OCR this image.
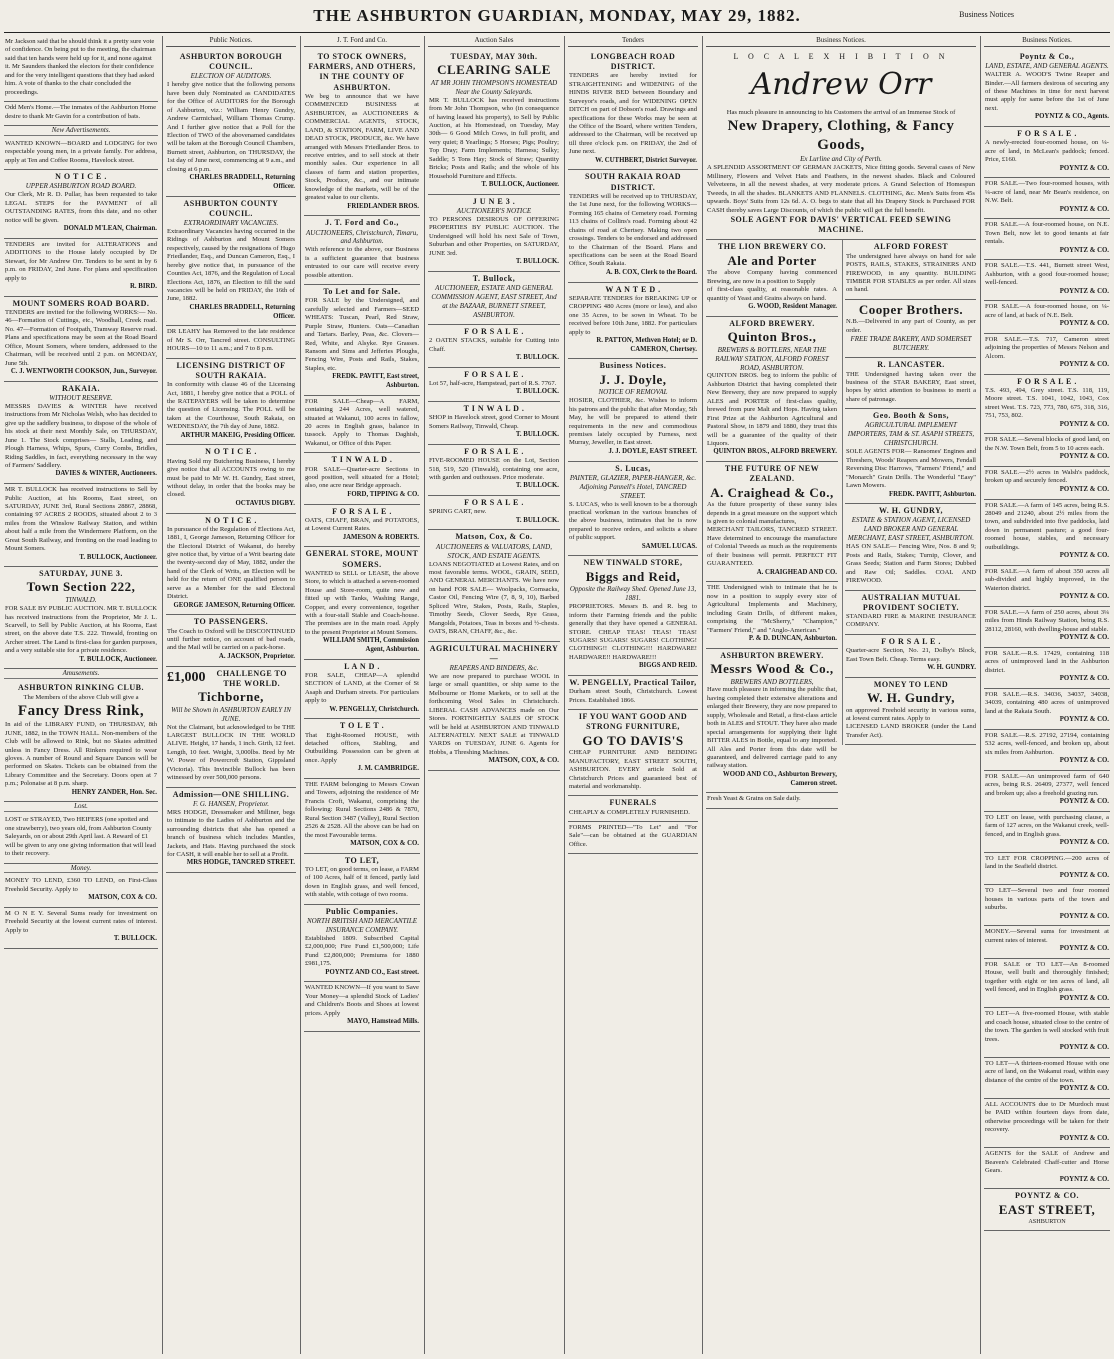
THE ASHBURTON GUARDIAN, MONDAY, MAY 29, 1882.	Business Notices
Mr Jackson said that he should think it a pretty sure vote of confidence. On being put to the meeting, the chairman said that ten hands were held up for it, and none against it. Mr Saunders thanked the electors for their confidence and for the very intelligent questions that they had asked him. A vote of thanks to the chair concluded the proceedings.
Odd Men's Home.—The inmates of the Ashburton Home desire to thank Mr Gavin for a contribution of bats.
New Advertisements.
WANTED KNOWN—BOARD and LODGING for two respectable young men, in a private family. For address, apply at Ten and Coffee Rooms, Havelock street.
N O T I C E .
UPPER ASHBURTON ROAD BOARD.
Our Clerk, Mr R. D. Pullar, has been requested to take LEGAL STEPS for the PAYMENT of all OUTSTANDING RATES, from this date, and no other notice will be given.
DONALD M'LEAN, Chairman.
TENDERS are invited for ALTERATIONS and ADDITIONS to the House lately occupied by Dr Stewart, for Mr Andrew Orr. Tenders to be sent in by 6 p.m. on FRIDAY, 2nd June. For plans and specification apply to
R. BIRD.
MOUNT SOMERS ROAD BOARD.
TENDERS are invited for the following WORKS:— No. 46—Formation of Cuttings, etc., Woodhall, Creek road. No. 47—Formation of Footpath, Tramway Reserve road. Plans and specifications may be seen at the Road Board Office, Mount Somers, where tenders, addressed to the Chairman, will be received until 2 p.m. on MONDAY, June 5th.
C. J. WENTWORTH COOKSON, Jun., Surveyor.
RAKAIA.
WITHOUT RESERVE.
MESSRS DAVIES & WINTER have received instructions from Mr Nicholas Welsh, who has decided to give up the saddlery business, to dispose of the whole of his stock at their next Monthly Sale, on THURSDAY, June 1. The Stock comprises— Stalls, Leading, and Plough Harness, Whips, Spurs, Curry Combs, Bridles, Riding Saddles, in fact, everything necessary in the way of Farmers' Saddlery.
DAVIES & WINTER, Auctioneers.
MR T. BULLOCK has received instructions to Sell by Public Auction, at his Rooms, East street, on SATURDAY, JUNE 3rd, Rural Sections 28867, 28868, containing 97 ACRES 2 ROODS, situated about 2 to 3 miles from the Winslow Railway Station, and within about half a mile from the Windermere Platform, on the Great South Railway, and fronting on the road leading to Mount Somers.
T. BULLOCK, Auctioneer.
SATURDAY, JUNE 3.
Town Section 222,
TINWALD.
FOR SALE BY PUBLIC AUCTION. MR T. BULLOCK has received instructions from the Proprietor, Mr J. L. Scarvell, to Sell by Public Auction, at his Rooms, East street, on the above date T.S. 222. Tinwald, fronting on Archer street. The Land is first-class for garden purposes, and a very suitable site for a private residence.
T. BULLOCK, Auctioneer.
Amusements.
ASHBURTON RINKING CLUB.
The Members of the above Club will give a
Fancy Dress Rink,
In aid of the LIBRARY FUND, on THURSDAY, 8th JUNE, 1882, in the TOWN HALL. Non-members of the Club will be allowed to Rink, but no Skates admitted unless in Fancy Dress. All Rinkers required to wear gloves. A number of Round and Square Dances will be performed on Skates. Tickets can be obtained from the Library Committee and the Secretary. Doors open at 7 p.m.; Polonaise at 8 p.m. sharp.
HENRY ZANDER, Hon. Sec.
Lost.
LOST or STRAYED, Two HEIFERS (one spotted and one strawberry), two years old, from Ashburton County Saleyards, on or about 29th April last. A Reward of £1 will be given to any one giving information that will lead to their recovery.
Money.
MONEY TO LEND, £360 TO LEND, on First-Class Freehold Security. Apply to
MATSON, COX & CO.
M O N E Y. Several Sums ready for investment on Freehold Security at the lowest current rates of interest. Apply to
T. BULLOCK.
Public Notices.
ASHBURTON BOROUGH COUNCIL.
ELECTION OF AUDITORS.
I hereby give notice that the following persons have been duly Nominated as CANDIDATES for the Office of AUDITORS for the Borough of Ashburton, viz.: William Henry Gundry, Andrew Carmichael, William Thomas Crump. And I further give notice that a Poll for the Election of TWO of the abovenamed candidates will be taken at the Borough Council Chambers, Burnett street, Ashburton, on THURSDAY, the 1st day of June next, commencing at 9 a.m., and closing at 6 p.m.
CHARLES BRADDELL, Returning Officer.
ASHBURTON COUNTY COUNCIL.
EXTRAORDINARY VACANCIES.
Extraordinary Vacancies having occurred in the Ridings of Ashburton and Mount Somers respectively, caused by the resignations of Hugo Friedlander, Esq., and Duncan Cameron, Esq., I hereby give notice that, in pursuance of the Counties Act, 1876, and the Regulation of Local Elections Act, 1876, an Election to fill the said vacancies will be held on FRIDAY, the 16th of June, 1882.
CHARLES BRADDELL, Returning Officer.
DR LEAHY has Removed to the late residence of Mr S. Orr, Tancred street. CONSULTING HOURS—10 to 11 a.m.; and 7 to 8 p.m.
LICENSING DISTRICT OF SOUTH RAKAIA.
In conformity with clause 46 of the Licensing Act, 1881, I hereby give notice that a POLL of the RATEPAYERS will be taken to determine the question of Licensing. The POLL will be taken at the Courthouse, South Rakaia, on WEDNESDAY, the 7th day of June, 1882.
ARTHUR MAKEIG, Presiding Officer.
N O T I C E .
Having Sold my Butchering Business, I hereby give notice that all ACCOUNTS owing to me must be paid to Mr W. H. Gundry, East street, without delay, in order that the books may be closed.
OCTAVIUS DIGBY.
N O T I C E .
In pursuance of the Regulation of Elections Act, 1881, I, George Jameson, Returning Officer for the Electoral District of Wakanui, do hereby give notice that, by virtue of a Writ bearing date the twenty-second day of May, 1882, under the hand of the Clerk of Writs, an Election will be held for the return of ONE qualified person to serve as a Member for the said Electoral District.
GEORGE JAMESON, Returning Officer.
TO PASSENGERS.
The Coach to Oxford will be DISCONTINUED until further notice, on account of bad roads, and the Mail will be carried on a pack-horse.
A. JACKSON, Proprietor.
£1,000	CHALLENGE TO THE WORLD.
Tichborne,
Will be Shown in ASHBURTON EARLY IN JUNE.
Not the Claimant, but acknowledged to be THE LARGEST BULLOCK IN THE WORLD ALIVE. Height, 17 hands, 1 inch. Girth, 12 feet. Length, 10 feet. Weight, 3,000lbs. Bred by Mr W. Power of Powercroft Station, Gippsland (Victoria). This Invincible Bullock has been witnessed by over 500,000 persons.
Admission—ONE SHILLING.
F. G. HANSEN, Proprietor.
MRS HODGE, Dressmaker and Milliner, begs to intimate to the Ladies of Ashburton and the surrounding districts that she has opened a branch of business which includes Mantles, Jackets, and Hats. Having purchased the stock for CASH, it will enable her to sell at a Profit.
MRS HODGE, TANCRED STREET.
J. T. Ford and Co.
TO STOCK OWNERS, FARMERS, AND OTHERS, IN THE COUNTY OF ASHBURTON.
We beg to announce that we have COMMENCED BUSINESS at ASHBURTON, as AUCTIONEERS & COMMERCIAL AGENTS, STOCK, LAND, & STATION, FARM, LIVE AND DEAD STOCK, PRODUCE, &c. We have arranged with Messrs Friedlander Bros. to receive entries, and to sell stock at their monthly sales. Our experience in all classes of farm and station properties, Stock, Produce, &c., and our intimate knowledge of the markets, will be of the greatest value to our clients.
FRIEDLANDER BROS.
J. T. Ford and Co.,
AUCTIONEERS, Christchurch, Timaru, and Ashburton.
With reference to the above, our Business is a sufficient guarantee that business entrusted to our care will receive every possible attention.
To Let and for Sale.
FOR SALE by the Undersigned, and carefully selected and Farmers—SEED WHEATS: Tuscan, Pearl, Red Straw, Purple Straw, Hunters. Oats—Canadian and Tartars. Barley, Peas, &c. Clovers—Red, White, and Alsyke. Rye Grasses. Ransom and Sims and Jefferies Ploughs, Fencing Wire, Posts and Rails, Stakes, Staples, etc.
FREDK. PAVITT, East street, Ashburton.
FOR SALE—Cheap—A FARM, containing 244 Acres, well watered, situated at Wakanui, 100 acres in fallow, 20 acres in English grass, balance in tussock. Apply to Thomas Daghish, Wakanui, or Office of this Paper.
T I N W A L D .
FOR SALE—Quarter-acre Sections in good position, well situated for a Hotel; also, one acre near Bridge approach.
FORD, TIPPING & CO.
F O R S A L E .
OATS, CHAFF, BRAN, and POTATOES, at Lowest Current Rates.
JAMESON & ROBERTS.
GENERAL STORE, MOUNT SOMERS.
WANTED to SELL or LEASE, the above Store, to which is attached a seven-roomed House and Store-room, quite new and fitted up with Tanks, Washing Range, Copper, and every convenience, together with a four-stall Stable and Coach-house. The premises are in the main road. Apply to the present Proprietor at Mount Somers.
WILLIAM SMITH, Commission Agent, Ashburton.
L A N D .
FOR SALE, CHEAP—A splendid SECTION of LAND, at the Corner of St Asaph and Durham streets. For particulars apply to
W. PENGELLY, Christchurch.
T O L E T .
That Eight-Roomed HOUSE, with detached offices, Stabling, and Outbuilding. Possession can be given at once. Apply
J. M. CAMBRIDGE.
THE FARM belonging to Messrs Cowan and Towers, adjoining the residence of Mr Francis Croft, Wakanui, comprising the following: Rural Sections 2486 & 7870, Rural Section 3487 (Valley), Rural Section 2526 & 2528. All the above can be had on the most Favourable terms.
MATSON, COX & CO.
TO LET,
TO LET, on good terms, on lease, a FARM of 100 Acres, half of it fenced, partly laid down in English grass, and well fenced, with stable, with cottage of two rooms.
Public Companies.
NORTH BRITISH AND MERCANTILE INSURANCE COMPANY.
Established 1809. Subscribed Capital £2,000,000; Fire Fund £1,500,000; Life Fund £2,800,000; Premiums for 1880 £981,175.
POYNTZ AND CO., East street.
WANTED KNOWN—If you want to Save Your Money—a splendid Stock of Ladies' and Children's Boots and Shoes at lowest prices. Apply
MAYO, Hamstead Mills.
Auction Sales
TUESDAY, MAY 30th.
CLEARING SALE
AT MR JOHN THOMPSON'S HOMESTEAD Near the County Saleyards.
MR T. BULLOCK has received instructions from Mr John Thompson, who (in consequence of having leased his property), to Sell by Public Auction, at his Homestead, on Tuesday, May 30th— 6 Good Milch Cows, in full profit, and very quiet; 8 Yearlings; 5 Horses; Pigs; Poultry; Top Dray; Farm Implements; Harness; Sulky; Saddle; 5 Tons Hay; Stock of Straw; Quantity Bricks; Posts and Rails; and the whole of his Household Furniture and Effects.
T. BULLOCK, Auctioneer.
J U N E 3 .
AUCTIONEER'S NOTICE
TO PERSONS DESIROUS OF OFFERING PROPERTIES BY PUBLIC AUCTION. The Undersigned will hold his next Sale of Town, Suburban and other Properties, on SATURDAY, JUNE 3rd.
T. BULLOCK.
T. Bullock,
AUCTIONEER, ESTATE AND GENERAL COMMISSION AGENT, EAST STREET, And at the BAZAAR, BURNETT STREET, ASHBURTON.
F O R S A L E .
2 OATEN STACKS, suitable for Cutting into Chaff.
T. BULLOCK.
F O R S A L E .
Lot 57, half-acre, Hampstead, part of R.S. 7767.
T. BULLOCK.
T I N W A L D .
SHOP in Havelock street, good Corner to Mount Somers Railway, Tinwald, Cheap.
T. BULLOCK.
F O R S A L E .
FIVE-ROOMED HOUSE on the Lot, Section 518, 519, 520 (Tinwald), containing one acre, with garden and outhouses. Price moderate.
T. BULLOCK.
F O R S A L E .
SPRING CART, new.
T. BULLOCK.
Matson, Cox, & Co.
AUCTIONEERS & VALUATORS, LAND, STOCK, AND ESTATE AGENTS.
LOANS NEGOTIATED at Lowest Rates, and on most favorable terms. WOOL, GRAIN, SEED, AND GENERAL MERCHANTS. We have now on hand FOR SALE— Woolpacks, Cornsacks, Castor Oil, Fencing Wire (7, 8, 9, 10), Barbed Spliced Wire, Stakes, Posts, Rails, Staples, Timothy Seeds, Clover Seeds, Rye Grass, Mangolds, Potatoes, Teas in boxes and ½-chests. OATS, BRAN, CHAFF, &c., &c.
AGRICULTURAL MACHINERY—
REAPERS AND BINDERS, &c.
We are now prepared to purchase WOOL in large or small quantities, or ship same to the Melbourne or Home Markets, or to sell at the forthcoming Wool Sales in Christchurch. LIBERAL CASH ADVANCES made on Our Stores. FORTNIGHTLY SALES OF STOCK will be held at ASHBURTON AND TINWALD ALTERNATELY. NEXT SALE at TINWALD YARDS on TUESDAY, JUNE 6. Agents for Hobbs, a Threshing Machines.
MATSON, COX, & CO.
Tenders
LONGBEACH ROAD DISTRICT.
TENDERS are hereby invited for STRAIGHTENING and WIDENING of the HINDS RIVER BED between Boundary and Surveyor's roads, and for WIDENING OPEN DITCH on part of Dobson's road. Drawings and specifications for these Works may be seen at the Office of the Board, where written Tenders, addressed to the Chairman, will be received up till three o'clock p.m. on FRIDAY, the 2nd of June next.
W. CUTHBERT, District Surveyor.
SOUTH RAKAIA ROAD DISTRICT.
TENDERS will be received up to THURSDAY, the 1st June next, for the following WORKS— Forming 165 chains of Cemetery road. Forming 113 chains of Collins's road. Forming about 42 chains of road at Chertsey. Making two open crossings. Tenders to be endorsed and addressed to the Chairman of the Board. Plans and specifications can be seen at the Road Board Office, South Rakaia.
A. B. COX, Clerk to the Board.
W A N T E D .
SEPARATE TENDERS for BREAKING UP or CROPPING 480 Acres (more or less), and also one 35 Acres, to be sown in Wheat. To be received before 10th June, 1882. For particulars apply to
R. PATTON, Methven Hotel; or D. CAMERON, Chertsey.
Business Notices.
J. J. Doyle,
NOTICE OF REMOVAL
HOSIER, CLOTHIER, &c. Wishes to inform his patrons and the public that after Monday, 5th May, he will be prepared to attend their requirements in the new and commodious premises lately occupied by Furness, next Murray, Jeweller, in East street.
J. J. DOYLE, EAST STREET.
S. Lucas,
PAINTER, GLAZIER, PAPER-HANGER, &c. Adjoining Pannell's Hotel, TANCRED STREET.
S. LUCAS, who is well known to be a thorough practical workman in the various branches of the above business, intimates that he is now prepared to receive orders, and solicits a share of public support.
SAMUEL LUCAS.
NEW TINWALD STORE,
Biggs and Reid,
Opposite the Railway Shed. Opened June 13, 1881.
PROPRIETORS. Messrs B. and R. beg to inform their Farming friends and the public generally that they have opened a GENERAL STORE. CHEAP TEAS! TEAS! TEAS! SUGARS! SUGARS! SUGARS! CLOTHING! CLOTHING!! CLOTHING!!! HARDWARE! HARDWARE!! HARDWARE!!!
BIGGS AND REID.
W. PENGELLY, Practical Tailor,
Durham street South, Christchurch. Lowest Prices. Established 1866.
IF YOU WANT GOOD AND STRONG FURNITURE,
GO TO DAVIS'S
CHEAP FURNITURE AND BEDDING MANUFACTORY, EAST STREET SOUTH, ASHBURTON. EVERY article Sold at Christchurch Prices and guaranteed best of material and workmanship.
FUNERALS
CHEAPLY & COMPLETELY FURNISHED.
FORMS PRINTED—"To Let" and "For Sale"—can be obtained at the GUARDIAN Office.
Business Notices.
L O C A L E X H I B I T I O N
Andrew Orr
Has much pleasure in announcing to his Customers the arrival of an Immense Stock of
New Drapery, Clothing, & Fancy Goods,
Ex Lurline and City of Perth.
A SPLENDID ASSORTMENT OF GERMAN JACKETS, Nice fitting goods. Several cases of New Millinery, Flowers and Velvet Hats and Feathers, in the newest shades. Black and Coloured Velveteens, in all the newest shades, at very moderate prices. A Grand Selection of Homespun Tweeds, in all the shades. BLANKETS AND FLANNELS. CLOTHING, &c. Men's Suits from 45s upwards. Boys' Suits from 12s 6d. A. O. begs to state that all his Drapery Stock is Purchased FOR CASH thereby saves Large Discounts, of which the public will get the full benefit.
SOLE AGENT FOR DAVIS' VERTICAL FEED SEWING MACHINE.
THE LION BREWERY CO.
Ale and Porter
The above Company having commenced Brewing, are now in a position to Supply
of first-class quality, at reasonable rates. A quantity of Yeast and Grains always on hand.
G. WOOD, Resident Manager.
ALFORD BREWERY.
Quinton Bros.,
BREWERS & BOTTLERS, NEAR THE RAILWAY STATION, ALFORD FOREST ROAD, ASHBURTON.
QUINTON BROS. beg to inform the public of Ashburton District that having completed their New Brewery, they are now prepared to supply ALES and PORTER of first-class quality, brewed from pure Malt and Hops. Having taken First Prize at the Ashburton Agricultural and Pastoral Show, in 1879 and 1880, they trust this will be a guarantee of the quality of their Liquors.
QUINTON BROS., ALFORD BREWERY.
THE FUTURE OF NEW ZEALAND.
A. Craighead & Co.,
As the future prosperity of these sunny isles depends in a great measure on the support which is given to colonial manufactures,
MERCHANT TAILORS, TANCRED STREET. Have determined to encourage the manufacture of Colonial Tweeds as much as the requirements of their business will permit. PERFECT FIT GUARANTEED.
A. CRAIGHEAD AND CO.
THE Undersigned wish to intimate that he is now in a position to supply every size of Agricultural Implements and Machinery, including Grain Drills, of different makes, comprising the "McSherry," "Champion," "Farmers' Friend," and "Anglo-American."
P. & D. DUNCAN, Ashburton.
ASHBURTON BREWERY.
Messrs Wood & Co.,
BREWERS AND BOTTLERS,
Have much pleasure in informing the public that, having completed their extensive alterations and enlarged their Brewery, they are now prepared to supply, Wholesale and Retail, a first-class article both in ALES and STOUT. They have also made special arrangements for supplying their light BITTER ALES in Bottle, equal to any imported. All Ales and Porter from this date will be guaranteed, and delivered carriage paid to any railway station.
WOOD AND CO., Ashburton Brewery, Cameron street.
Fresh Yeast & Grains on Sale daily.
ALFORD FOREST
The undersigned have always on hand for sale POSTS, RAILS, STAKES, STRAINERS AND FIREWOOD, in any quantity. BUILDING TIMBER FOR STABLES as per order. All sizes on hand.
Cooper Brothers.
N.B.—Delivered in any part of County, as per order.
FREE TRADE BAKERY, AND SOMERSET BUTCHERY.
R. LANCASTER.
THE Undersigned having taken over the business of the STAR BAKERY, East street, hopes by strict attention to business to merit a share of patronage.
Geo. Booth & Sons,
AGRICULTURAL IMPLEMENT IMPORTERS, TAM & ST. ASAPH STREETS, CHRISTCHURCH.
SOLE AGENTS FOR— Ransomes' Engines and Threshers, Woods' Reapers and Mowers, Fendall Reversing Disc Harrows, "Farmers' Friend," and "Monarch" Grain Drills. The Wonderful "Easy" Lawn Mowers.
FREDK. PAVITT, Ashburton.
W. H. GUNDRY,
ESTATE & STATION AGENT, LICENSED LAND BROKER AND GENERAL MERCHANT, EAST STREET, ASHBURTON.
HAS ON SALE— Fencing Wire, Nos. 8 and 9; Posts and Rails, Stakes; Turnip, Clover, and Grass Seeds; Station and Farm Stores; Dubbed and Raw Oil; Saddles. COAL AND FIREWOOD.
AUSTRALIAN MUTUAL PROVIDENT SOCIETY.
STANDARD FIRE & MARINE INSURANCE COMPANY.
F O R S A L E .
Quarter-acre Section, No. 21, Dolby's Block, East Town Belt. Cheap. Terms easy.
W. H. GUNDRY.
MONEY TO LEND
W. H. Gundry,
on approved Freehold security in various sums, at lowest current rates. Apply to
LICENSED LAND BROKER (under the Land Transfer Act).
Business Notices.
Poyntz & Co.,
LAND, ESTATE, AND GENERAL AGENTS.
WALTER A. WOOD'S Twine Reaper and Binder.—All farmers desirous of securing any of these Machines in time for next harvest must apply for same before the 1st of June next.
POYNTZ & CO., Agents.
F O R S A L E .
A newly-erected four-roomed house, on ¼-acre of land, in McLean's paddock; fenced. Price, £160.
POYNTZ & CO.
FOR SALE.—Two four-roomed houses, with ¼-acre of land, near Mr Bean's residence, on N.W. Belt.
POYNTZ & CO.
FOR SALE.—A four-roomed house, on N.E. Town Belt, now let to good tenants at fair rentals.
POYNTZ & CO.
FOR SALE.—T.S. 441, Burnett street West, Ashburton, with a good four-roomed house; well-fenced.
POYNTZ & CO.
FOR SALE.—A four-roomed house, on ¼-acre of land, at back of N.E. Belt.
POYNTZ & CO.
FOR SALE.—T.S. 717, Cameron street adjoining the properties of Messrs Nelson and Alcorn.
POYNTZ & CO.
F O R S A L E .
T.S. 493, 494, Grey street. T.S. 118, 119, Moore street. T.S. 1041, 1042, 1043, Cox street West. T.S. 723, 773, 780, 675, 318, 316, 751, 753, 802.
POYNTZ & CO.
FOR SALE.—Several blocks of good land, on the N.W. Town Belt, from 5 to 10 acres each.
POYNTZ & CO.
FOR SALE.—2½ acres in Walsh's paddock, broken up and securely fenced.
POYNTZ & CO.
FOR SALE.—A farm of 145 acres, being R.S. 28049 and 21240, about 2½ miles from the town, and subdivided into five paddocks, laid down in permanent pasture; a good four-roomed house, stables, and necessary outbuildings.
POYNTZ & CO.
FOR SALE.—A farm of about 350 acres all sub-divided and highly improved, in the Waterton district.
POYNTZ & CO.
FOR SALE.—A farm of 250 acres, about 3¼ miles from Hinds Railway Station, being R.S. 28112, 28160, with dwelling-house and stable.
POYNTZ & CO.
FOR SALE.—R.S. 17429, containing 118 acres of unimproved land in the Ashburton district.
POYNTZ & CO.
FOR SALE.—R.S. 34036, 34037, 34038, 34039, containing 480 acres of unimproved land at the Rakaia South.
POYNTZ & CO.
FOR SALE.—R.S. 27192, 27194, containing 532 acres, well-fenced, and broken up, about six miles from Ashburton.
POYNTZ & CO.
FOR SALE.—An unimproved farm of 640 acres, being R.S. 26409, 27377, well fenced and broken up; also a freehold grazing run.
POYNTZ & CO.
TO LET on lease, with purchasing clause, a farm of 127 acres, on the Wakanui creek, well-fenced, and in English grass.
POYNTZ & CO.
TO LET FOR CROPPING.—200 acres of land in the Seafield district.
POYNTZ & CO.
TO LET—Several two and four roomed houses in various parts of the town and suburbs.
POYNTZ & CO.
MONEY.—Several sums for investment at current rates of interest.
POYNTZ & CO.
FOR SALE or TO LET—An 8-roomed House, well built and thoroughly finished; together with eight or ten acres of land, all well fenced, and in English grass.
POYNTZ & CO.
TO LET—A five-roomed House, with stable and coach house, situated close to the centre of the town. The garden is well stocked with fruit trees.
POYNTZ & CO.
TO LET—A thirteen-roomed House with one acre of land, on the Wakanui road, within easy distance of the centre of the town.
POYNTZ & CO.
ALL ACCOUNTS due to Dr Murdoch must be PAID within fourteen days from date, otherwise proceedings will be taken for their recovery.
POYNTZ & CO.
AGENTS for the SALE of Andrew and Beaven's Celebrated Chaff-cutter and Horse Gears.
POYNTZ & CO.
POYNTZ & CO.
EAST STREET,
ASHBURTON
